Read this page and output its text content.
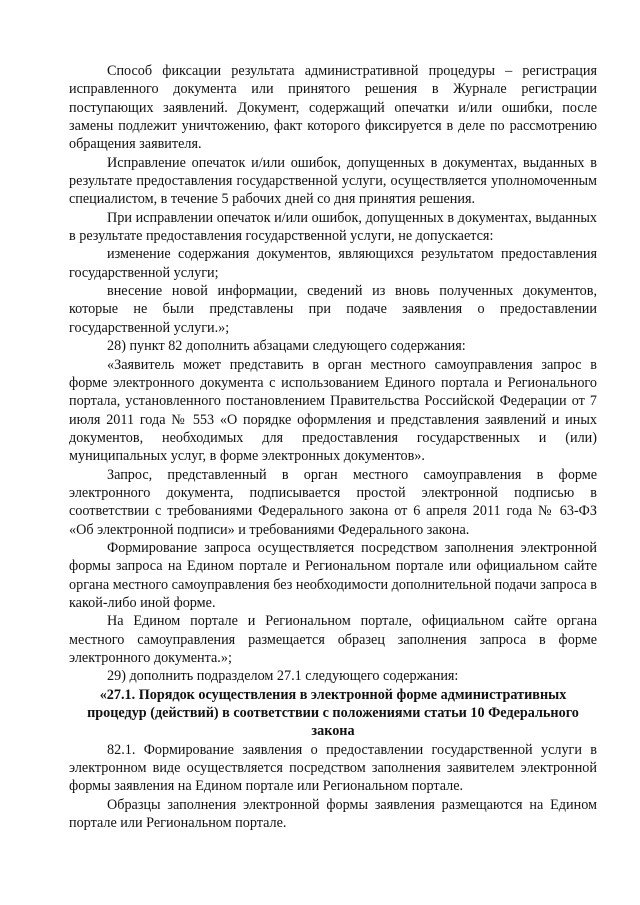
Способ фиксации результата административной процедуры – регистрация исправленного документа или принятого решения в Журнале регистрации поступающих заявлений. Документ, содержащий опечатки и/или ошибки, после замены подлежит уничтожению, факт которого фиксируется в деле по рассмотрению обращения заявителя.

Исправление опечаток и/или ошибок, допущенных в документах, выданных в результате предоставления государственной услуги, осуществляется уполномоченным специалистом, в течение 5 рабочих дней со дня принятия решения.

При исправлении опечаток и/или ошибок, допущенных в документах, выданных в результате предоставления государственной услуги, не допускается:

изменение содержания документов, являющихся результатом предоставления государственной услуги;

внесение новой информации, сведений из вновь полученных документов, которые не были представлены при подаче заявления о предоставлении государственной услуги.»;

28) пункт 82 дополнить абзацами следующего содержания:

«Заявитель может представить в орган местного самоуправления запрос в форме электронного документа с использованием Единого портала и Регионального портала, установленного постановлением Правительства Российской Федерации от 7 июля 2011 года № 553 «О порядке оформления и представления заявлений и иных документов, необходимых для предоставления государственных и (или) муниципальных услуг, в форме электронных документов».

Запрос, представленный в орган местного самоуправления в форме электронного документа, подписывается простой электронной подписью в соответствии с требованиями Федерального закона от 6 апреля 2011 года № 63-ФЗ «Об электронной подписи» и требованиями Федерального закона.

Формирование запроса осуществляется посредством заполнения электронной формы запроса на Едином портале и Региональном портале или официальном сайте органа местного самоуправления без необходимости дополнительной подачи запроса в какой-либо иной форме.

На Едином портале и Региональном портале, официальном сайте органа местного самоуправления размещается образец заполнения запроса в форме электронного документа.»;

29) дополнить подразделом 27.1 следующего содержания:

«27.1. Порядок осуществления в электронной форме административных процедур (действий) в соответствии с положениями статьи 10 Федерального закона

82.1. Формирование заявления о предоставлении государственной услуги в электронном виде осуществляется посредством заполнения заявителем электронной формы заявления на Едином портале или Региональном портале.

Образцы заполнения электронной формы заявления размещаются на Едином портале или Региональном портале.
